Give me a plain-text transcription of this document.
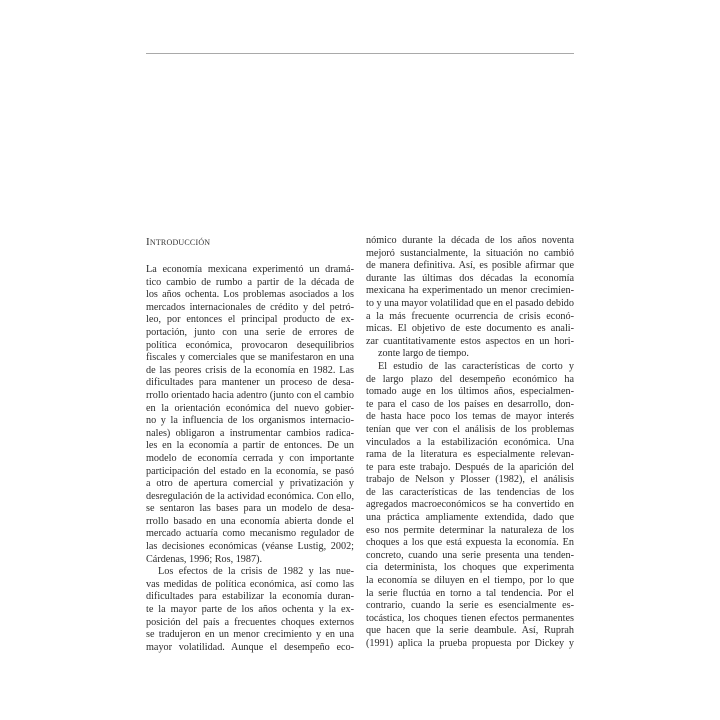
Introducción
La economía mexicana experimentó un dramá-
tico cambio de rumbo a partir de la década de
los años ochenta. Los problemas asociados a los
mercados internacionales de crédito y del petró-
leo, por entonces el principal producto de ex-
portación, junto con una serie de errores de
política económica, provocaron desequilibrios
fiscales y comerciales que se manifestaron en una
de las peores crisis de la economía en 1982. Las
dificultades para mantener un proceso de desa-
rrollo orientado hacia adentro (junto con el cambio
en la orientación económica del nuevo gobier-
no y la influencia de los organismos internacio-
nales) obligaron a instrumentar cambios radica-
les en la economía a partir de entonces. De un
modelo de economía cerrada y con importante
participación del estado en la economía, se pasó
a otro de apertura comercial y privatización y
desregulación de la actividad económica. Con ello,
se sentaron las bases para un modelo de desa-
rrollo basado en una economía abierta donde el
mercado actuaría como mecanismo regulador de
las decisiones económicas (véanse Lustig, 2002;
Cárdenas, 1996; Ros, 1987).
Los efectos de la crisis de 1982 y las nue-
vas medidas de política económica, así como las
dificultades para estabilizar la economía duran-
te la mayor parte de los años ochenta y la ex-
posición del país a frecuentes choques externos
se tradujeron en un menor crecimiento y en una
mayor volatilidad. Aunque el desempeño eco-
nómico durante la década de los años noventa
mejoró sustancialmente, la situación no cambió
de manera definitiva. Así, es posible afirmar que
durante las últimas dos décadas la economía
mexicana ha experimentado un menor crecimien-
to y una mayor volatilidad que en el pasado debido
a la más frecuente ocurrencia de crisis econó-
micas. El objetivo de este documento es anali-
zar cuantitativamente estos aspectos en un hori-
zonte largo de tiempo.
El estudio de las características de corto y
de largo plazo del desempeño económico ha
tomado auge en los últimos años, especialmen-
te para el caso de los países en desarrollo, don-
de hasta hace poco los temas de mayor interés
tenían que ver con el análisis de los problemas
vinculados a la estabilización económica. Una
rama de la literatura es especialmente relevan-
te para este trabajo. Después de la aparición del
trabajo de Nelson y Plosser (1982), el análisis
de las características de las tendencias de los
agregados macroeconómicos se ha convertido en
una práctica ampliamente extendida, dado que
eso nos permite determinar la naturaleza de los
choques a los que está expuesta la economía. En
concreto, cuando una serie presenta una tenden-
cia determinista, los choques que experimenta
la economía se diluyen en el tiempo, por lo que
la serie fluctúa en torno a tal tendencia. Por el
contrario, cuando la serie es esencialmente es-
tocástica, los choques tienen efectos permanentes
que hacen que la serie deambule. Así, Ruprah
(1991) aplica la prueba propuesta por Dickey y
